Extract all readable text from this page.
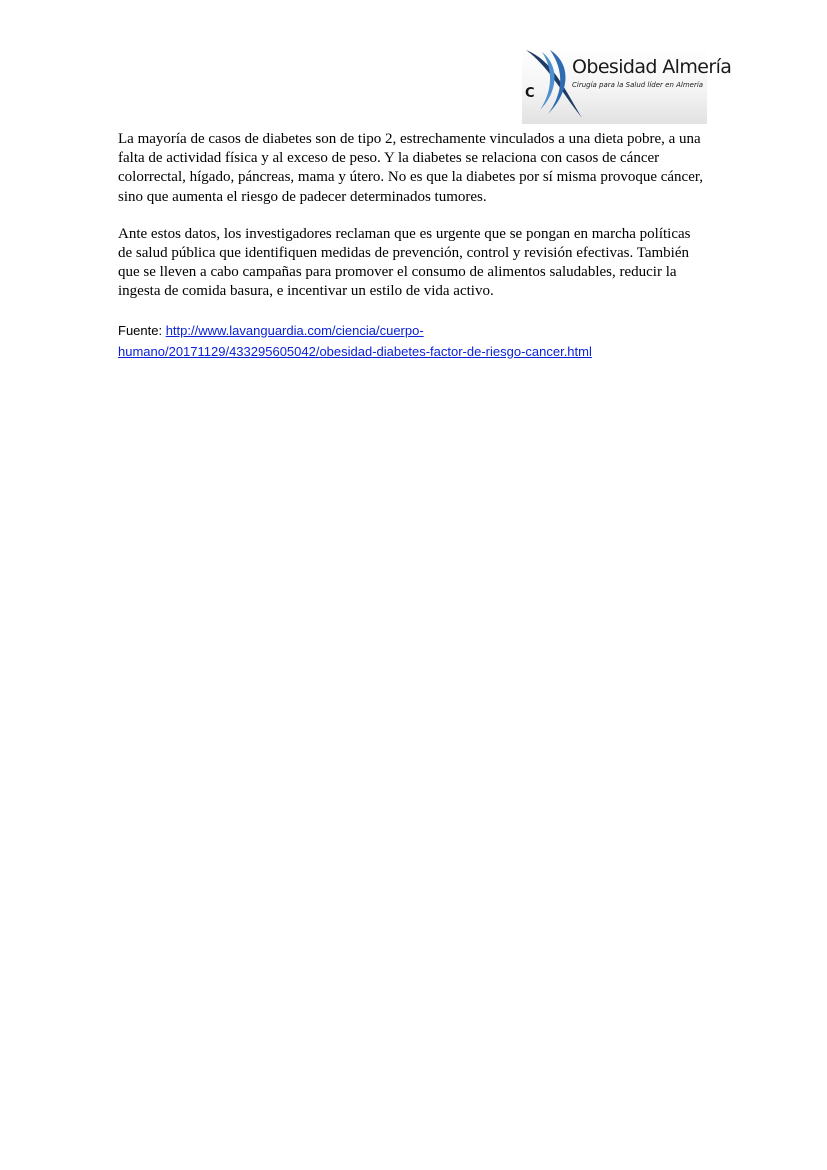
C
Obesidad Almería
Cirugía para la Salud líder en Almería

La mayoría de casos de diabetes son de tipo 2, estrechamente vinculados a una dieta pobre, a una falta de actividad física y al exceso de peso. Y la diabetes se relaciona con casos de cáncer colorrectal, hígado, páncreas, mama y útero. No es que la diabetes por sí misma provoque cáncer, sino que aumenta el riesgo de padecer determinados tumores.

Ante estos datos, los investigadores reclaman que es urgente que se pongan en marcha políticas de salud pública que identifiquen medidas de prevención, control y revisión efectivas. También que se lleven a cabo campañas para promover el consumo de alimentos saludables, reducir la ingesta de comida basura, e incentivar un estilo de vida activo.

Fuente: http://www.lavanguardia.com/ciencia/cuerpo-
humano/20171129/433295605042/obesidad-diabetes-factor-de-riesgo-cancer.html
